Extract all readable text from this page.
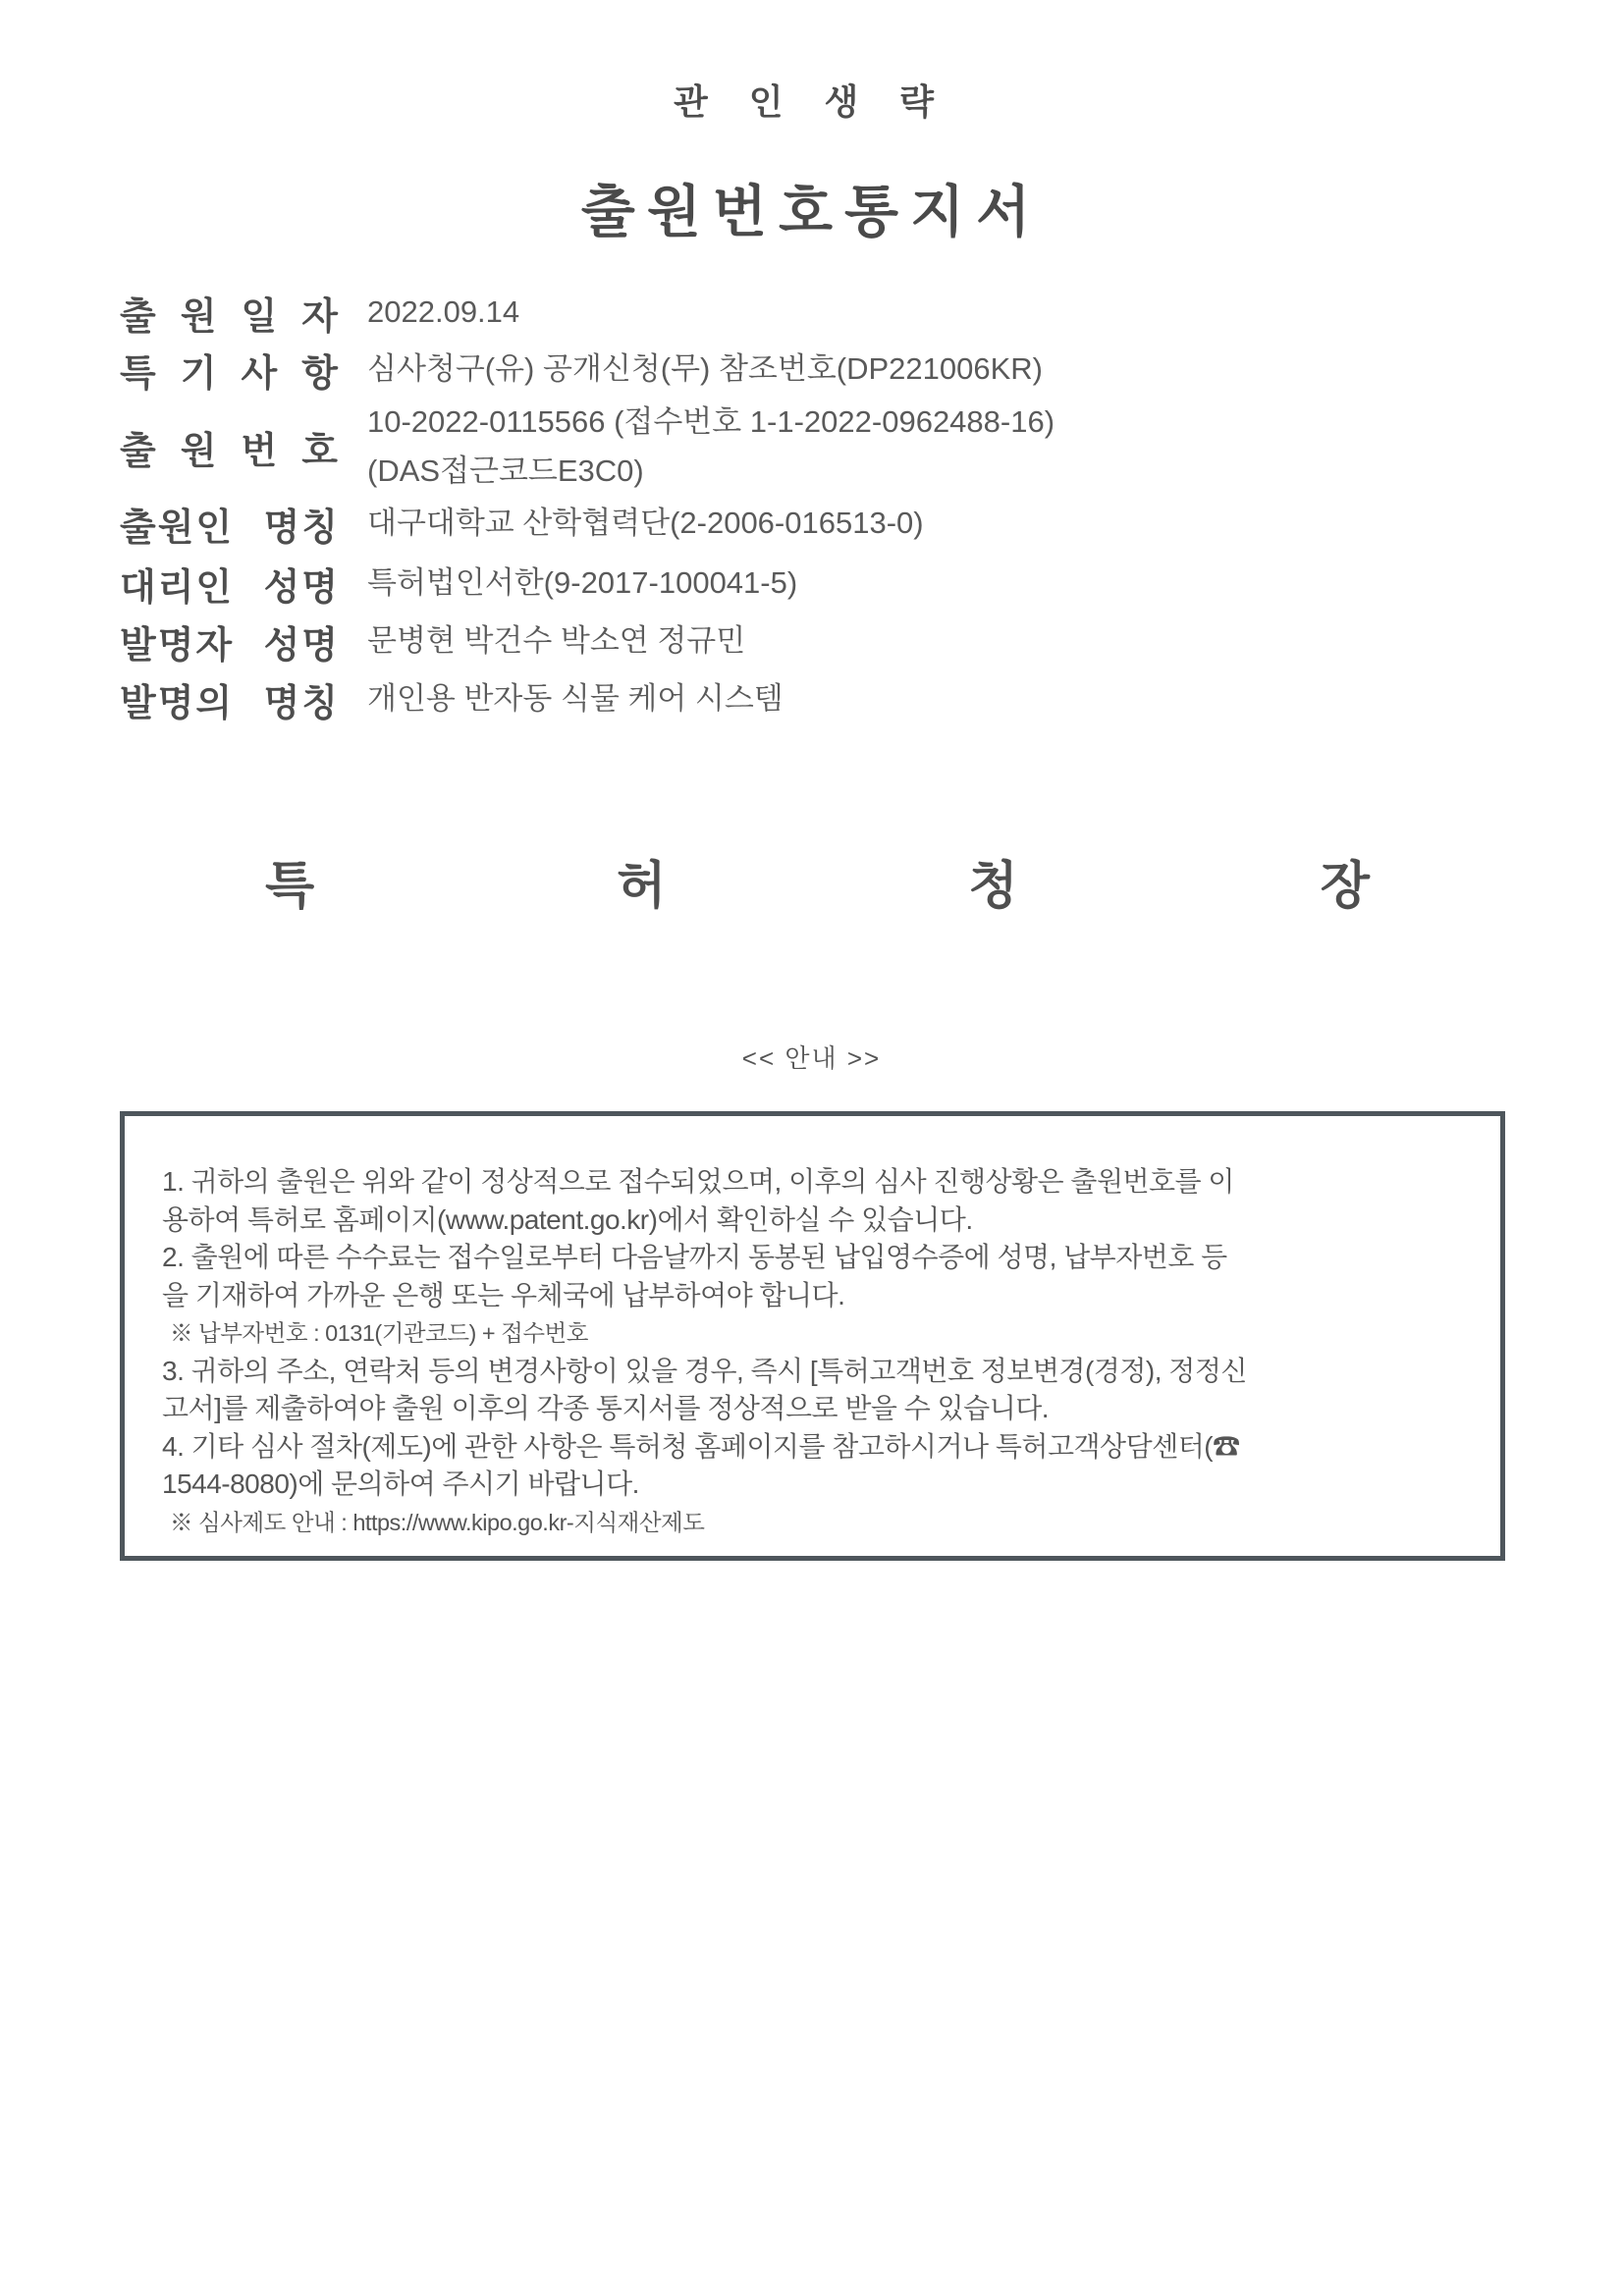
관 인 생 략
출원번호통지서
출 원 일 자 2022.09.14
특 기 사 항 심사청구(유) 공개신청(무) 참조번호(DP221006KR)
출 원 번 호
10-2022-0115566 (접수번호 1-1-2022-0962488-16)
(DAS접근코드E3C0)
출원인 명칭 대구대학교 산학협력단(2-2006-016513-0)
대리인 성명 특허법인서한(9-2017-100041-5)
발명자 성명 문병현 박건수 박소연 정규민
발명의 명칭 개인용 반자동 식물 케어 시스템
특	허	청	장
<< 안내 >>
1. 귀하의 출원은 위와 같이 정상적으로 접수되었으며, 이후의 심사 진행상황은 출원번호를 이
용하여 특허로 홈페이지(www.patent.go.kr)에서 확인하실 수 있습니다.
2. 출원에 따른 수수료는 접수일로부터 다음날까지 동봉된 납입영수증에 성명, 납부자번호 등
을 기재하여 가까운 은행 또는 우체국에 납부하여야 합니다.
※ 납부자번호 : 0131(기관코드) + 접수번호
3. 귀하의 주소, 연락처 등의 변경사항이 있을 경우, 즉시 [특허고객번호 정보변경(경정), 정정신
고서]를 제출하여야 출원 이후의 각종 통지서를 정상적으로 받을 수 있습니다.
4. 기타 심사 절차(제도)에 관한 사항은 특허청 홈페이지를 참고하시거나 특허고객상담센터(☎
1544-8080)에 문의하여 주시기 바랍니다.
※ 심사제도 안내 : https://www.kipo.go.kr-지식재산제도
